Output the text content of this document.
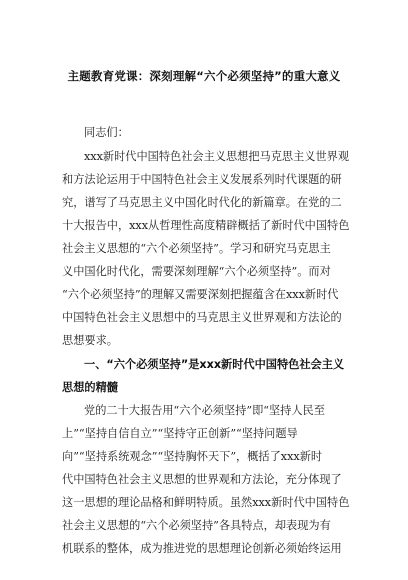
主题教育党课：深刻理解“六个必须坚持”的重大意义
同志们：
xxx新时代中国特色社会主义思想把马克思主义世界观
和方法论运用于中国特色社会主义发展系列时代课题的研
究，谱写了马克思主义中国化时代化的新篇章。在党的二
十大报告中，xxx从哲理性高度精辟概括了新时代中国特色
社会主义思想的“六个必须坚持”。学习和研究马克思主
义中国化时代化，需要深刻理解“六个必须坚持”。而对
“六个必须坚持”的理解又需要深刻把握蕴含在xxx新时代
中国特色社会主义思想中的马克思主义世界观和方法论的
思想要求。
一、“六个必须坚持”是xxx新时代中国特色社会主义
思想的精髓
党的二十大报告用“六个必须坚持”即“坚持人民至
上”“坚持自信自立”“坚持守正创新”“坚持问题导
向”“坚持系统观念”“坚持胸怀天下”，概括了xxx新时
代中国特色社会主义思想的世界观和方法论，充分体现了
这一思想的理论品格和鲜明特质。虽然xxx新时代中国特色
社会主义思想的“六个必须坚持”各具特点，却表现为有
机联系的整体，成为推进党的思想理论创新必须始终运用
